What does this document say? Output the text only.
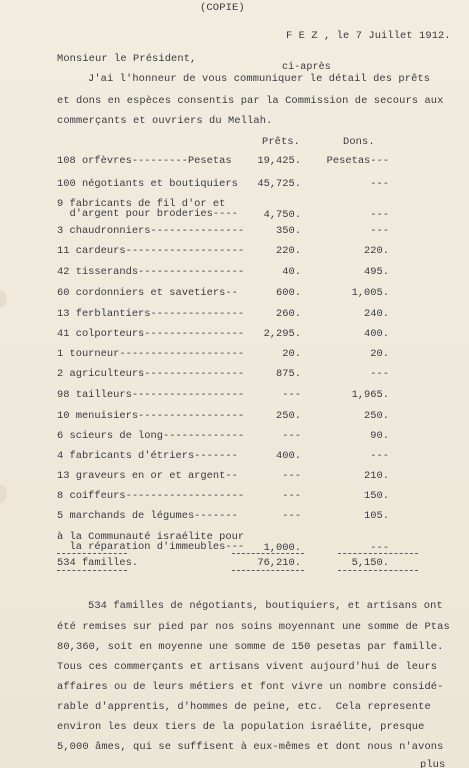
(COPIE)
F E Z , le 7 Juillet 1912.
Monsieur le Président,
ci-après
J'ai l'honneur de vous communiquer le détail des prêts
et dons en espèces consentis par la Commission de secours aux
commerçants et ouvriers du Mellah.
Prêts.	Dons.
108 orfèvres---------Pesetas 19,425. Pesetas---
100 négotiants et boutiquiers 45,725.	---
9 fabricants de fil d'or et
d'argent pour broderies---- 4,750.	---
3 chaudronniers---------------	350.	---
11 cardeurs-------------------	220.	220.
42 tisserands-----------------	40.	495.
60 cordonniers et savetiers--	600.	1,005.
13 ferblantiers---------------	260.	240.
41 colporteurs---------------- 2,295.	400.
1 tourneur--------------------	20.	20.
2 agriculteurs----------------	875.	---
98 tailleurs------------------	---	1,965.
10 menuisiers-----------------	250.	250.
6 scieurs de long-------------	---	90.
4 fabricants d'étriers-------	400.	---
13 graveurs en or et argent--	---	210.
8 coiffeurs-------------------	---	150.
5 marchands de légumes-------	---	105.
à la Communauté israélite pour
la réparation d'immeubles--- 1,000.	---
534 familles.	76,210.	5,150.
534 familles de négotiants, boutiquiers, et artisans ont
été remises sur pied par nos soins moyennant une somme de Ptas
80,360, soit en moyenne une somme de 150 pesetas par famille.
Tous ces commerçants et artisans vivent aujourd'hui de leurs
affaires ou de leurs métiers et font vivre un nombre considé-
rable d'apprentis, d'hommes de peine, etc.  Cela represente
environ les deux tiers de la population israélite, presque
5,000 âmes, qui se suffisent à eux-mêmes et dont nous n'avons
plus
